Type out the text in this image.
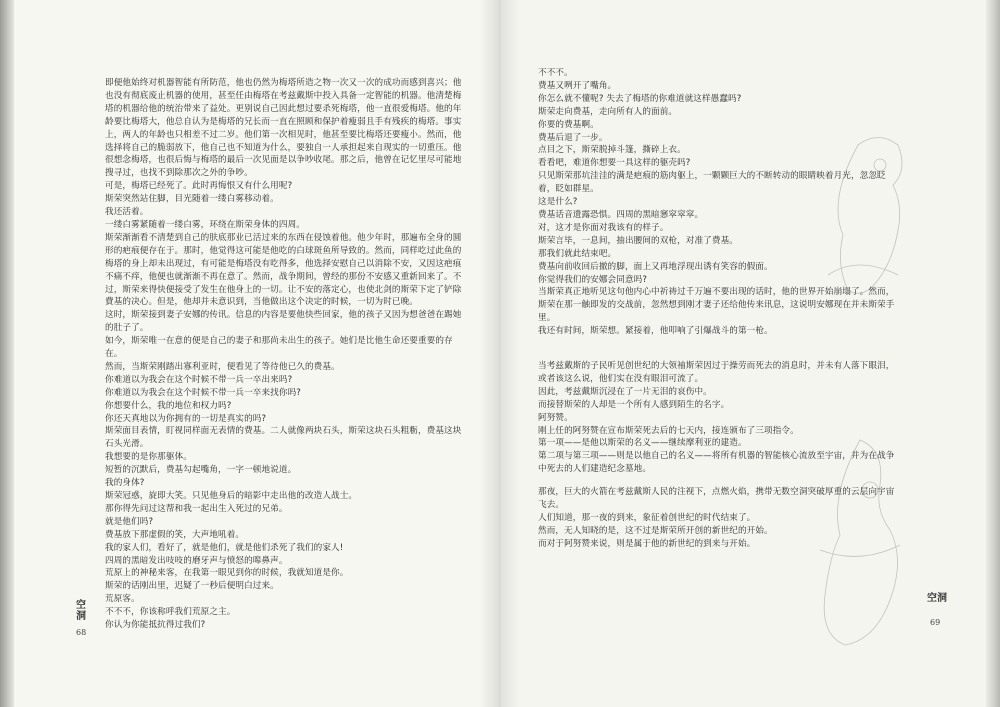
即便他始终对机器智能有所防范，他也仍然为梅塔所造之物一次又一次的成功而感到喜兴；他也没有彻底废止机器的使用，甚至任由梅塔在考兹戴斯中投入具备一定智能的机器。他清楚梅塔的机器给他的统治带来了益处。更别说自己因此想过要杀死梅塔，他一直很爱梅塔。他的年龄要比梅塔大，他总自认为是梅塔的兄长而一直在照顾和保护着瘦弱且手有残疾的梅塔。事实上，两人的年龄也只相差不过二岁。他们第一次相见时，他甚至要比梅塔还要瘦小。然而，他选择将自己的脆弱放下，他自己也不知道为什么，要独自一人承担起来自现实的一切重压。他很想念梅塔，也很后悔与梅塔的最后一次见面是以争吵收尾。那之后，他曾在记忆里尽可能地搜寻过，也找不到除那次之外的争吵。

可是，梅塔已经死了。此时再悔恨又有什么用呢?

斯荣突然站住脚，目光随着一缕白雾移动着。

我还活着。

一缕白雾紧随着一缕白雾，环绕在斯荣身体的四周。

斯荣渐渐看不清楚到自己的肤底那业已活过来的东西在侵蚀着他。他少年时，那遍布全身的圆形的疤痕便存在于。那时，他觉得这可能是他吃的白球斑鱼所导致的。然而，同样吃过此鱼的梅塔的身上却未出现过，有可能是梅塔没有吃得多，他选择安慰自己以消除不安，又因这疤痕不痛不痒，他便也就渐渐不再在意了。然而，战争期间，曾经的那份不安感又重新回来了。不过，斯荣来得快便接受了发生在他身上的一切。让不安的落定心，也使北剑的斯荣下定了铲除費基的决心。但是，他却并未意识到，当他做出这个决定的时候，一切为时已晚。

这时，斯荣接到妻子安娜的传讯。信息的内容是要他快些回家，他的孩子又因为想爸爸在踢她的肚子了。

如今，斯荣唯一在意的便是自己的妻子和那尚未出生的孩子。她们是比他生命还要重要的存在。

然而，当斯荣刚踏出寡利亚时，便看见了等待他已久的费基。

你难道以为我会在这个时候不带一兵一卒出来吗?

你难道以为我会在这个时候不带一兵一卒来找你吗?

你想要什么，我的地位和权力吗?

你还天真地以为你拥有的一切是真实的吗?

斯荣面目表情，盯视同样面无表情的费基。二人就像两块石头，斯荣这块石头粗粝，费基这块石头光滑。

我想要的是你那躯体。

短暂的沉默后，费基勾起嘴角，一字一顿地说道。

我的身体?

斯荣冠惑，旋即大笑。只见他身后的暗影中走出他的改造人战士。

那你得先问过这帮和我一起出生入死过的兄弟。

就是他们吗?

费基放下那虚假的笑，大声地吼着。

我的家人们，看好了，就是他们，就是他们杀死了我们的家人!

四周的黑暗发出吱吱的磨牙声与愤怒的嗥鼻声。

荒原上的神秘来客，在我第一眼见到你的时候，我就知道是你。

斯荣的话刚出里，迟疑了一秒后便明白过来。

荒原客。

不不不，你该称呼我们荒原之主。

你认为你能抵抗得过我们?

空洞
68

不不不。

费基又咧开了嘴角。

你怎么就不懂呢? 失去了梅塔的你难道就这样愚蠢吗?

斯荣走向费基，走向所有人的面前。

你要的费基啊。

费基后退了一步。

点目之下，斯荣脱掉斗篷，撕碎上衣。

看看吧，难道你想要一具这样的躯壳吗?

只见斯荣那坑洼洼的满是疤痕的筋肉躯上，一颗颗巨大的不断转动的眼睛映着月光，忽忽眨着，眨如群星。

这是什么?

费基话音遗露恐惧。四周的黑暗窸窣窣窣。

对，这才是你面对我该有的样子。

斯荣言毕，一息间，抽出腰间的双枪，对准了费基。

那我们就此结束吧。

费基向前收回后撤的脚，面上又再地浮现出诱有笑容的假面。

你觉得我们的安娜会同意吗?

当斯荣真正地听见这句他内心中祈祷过千万遍不要出现的话时，他的世界开始崩塌了。然而，斯荣在那一触即发的交战前，忽然想到刚才妻子还给他传来讯息，这说明安娜现在并未斯荣手里。

我还有时间，斯荣想。紧接着，他叩响了引爆战斗的第一枪。

当考兹戴斯的子民听见创世纪的大领袖斯荣因过于操劳而死去的消息时，并未有人落下眼泪，或者该这么说，他们实在没有眼泪可流了。

因此，考兹戴斯沉浸在了一片无泪的哀伤中。

而接替斯荣的人却是一个所有人感到陌生的名字。

阿努赞。

刚上任的阿努赞在宣布斯荣死去后的七天内，接连颁布了三项指令。

第一项——是他以斯荣的名义——继续摩利亚的建造。

第二项与第三项——则是以他自己的名义——将所有机器的智能核心流放至宇宙，并为在战争中死去的人们建造纪念墓地。

那夜，巨大的火箭在考兹戴斯人民的注视下，点燃火焰，携带无数空洞突破厚重的云层向宇宙飞去。

人们知道，那一夜的到来，象征着创世纪的时代结束了。

然而，无人知晓的是，这不过是斯荣所开创的新世纪的开始。

而对于阿努赞来说，则是属于他的新世纪的到来与开始。

空洞
69
